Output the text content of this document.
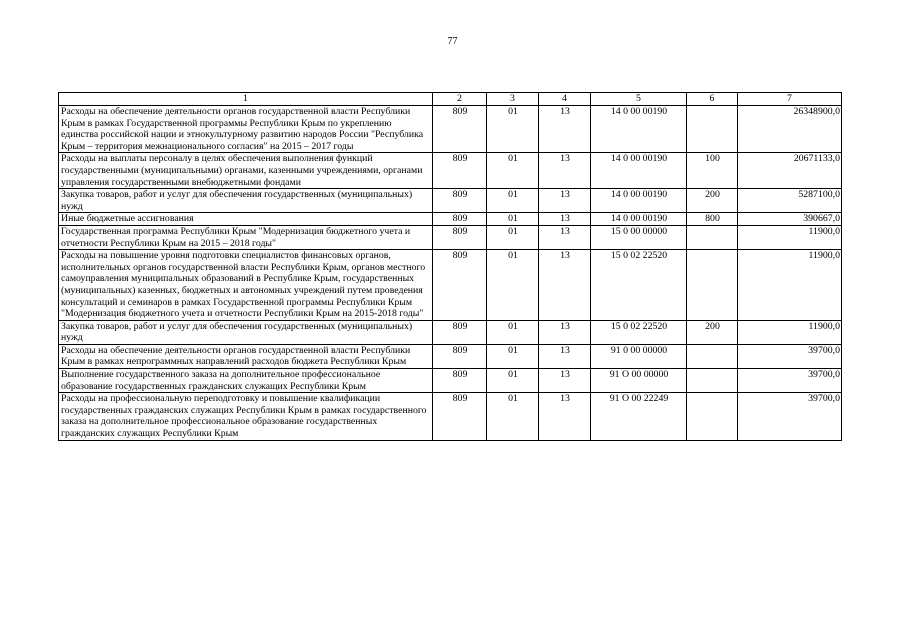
77
1	2	3	4	5	6	7
Расходы на обеспечение деятельности органов государственной власти Республики Крым в рамках Государственной программы Республики Крым по укреплению единства российской нации и этнокультурному развитию народов России "Республика Крым – территория межнационального согласия" на 2015 – 2017 годы	809	01	13	14 0 00 00190		26348900,0
Расходы на выплаты персоналу в целях обеспечения выполнения функций государственными (муниципальными) органами, казенными учреждениями, органами управления государственными внебюджетными фондами	809	01	13	14 0 00 00190	100	20671133,0
Закупка товаров, работ и услуг для обеспечения государственных (муниципальных) нужд	809	01	13	14 0 00 00190	200	5287100,0
Иные бюджетные ассигнования	809	01	13	14 0 00 00190	800	390667,0
Государственная программа Республики Крым "Модернизация бюджетного учета и отчетности Республики Крым на 2015 – 2018 годы"	809	01	13	15 0 00 00000		11900,0
Расходы на повышение уровня подготовки специалистов финансовых органов, исполнительных органов государственной власти Республики Крым, органов местного самоуправления муниципальных образований в Республике Крым, государственных (муниципальных) казенных, бюджетных и автономных учреждений путем проведения консультаций и семинаров в рамках Государственной программы Республики Крым "Модернизация бюджетного учета и отчетности Республики Крым на 2015-2018 годы"	809	01	13	15 0 02 22520		11900,0
Закупка товаров, работ и услуг для обеспечения государственных (муниципальных) нужд	809	01	13	15 0 02 22520	200	11900,0
Расходы на обеспечение деятельности органов государственной власти Республики Крым в рамках непрограммных направлений расходов бюджета Республики Крым	809	01	13	91 0 00 00000		39700,0
Выполнение государственного заказа на дополнительное профессиональное образование государственных гражданских служащих Республики Крым	809	01	13	91 О 00 00000		39700,0
Расходы на профессиональную переподготовку и повышение квалификации государственных гражданских служащих Республики Крым в рамках государственного заказа на дополнительное профессиональное образование государственных гражданских служащих Республики Крым	809	01	13	91 О 00 22249		39700,0
